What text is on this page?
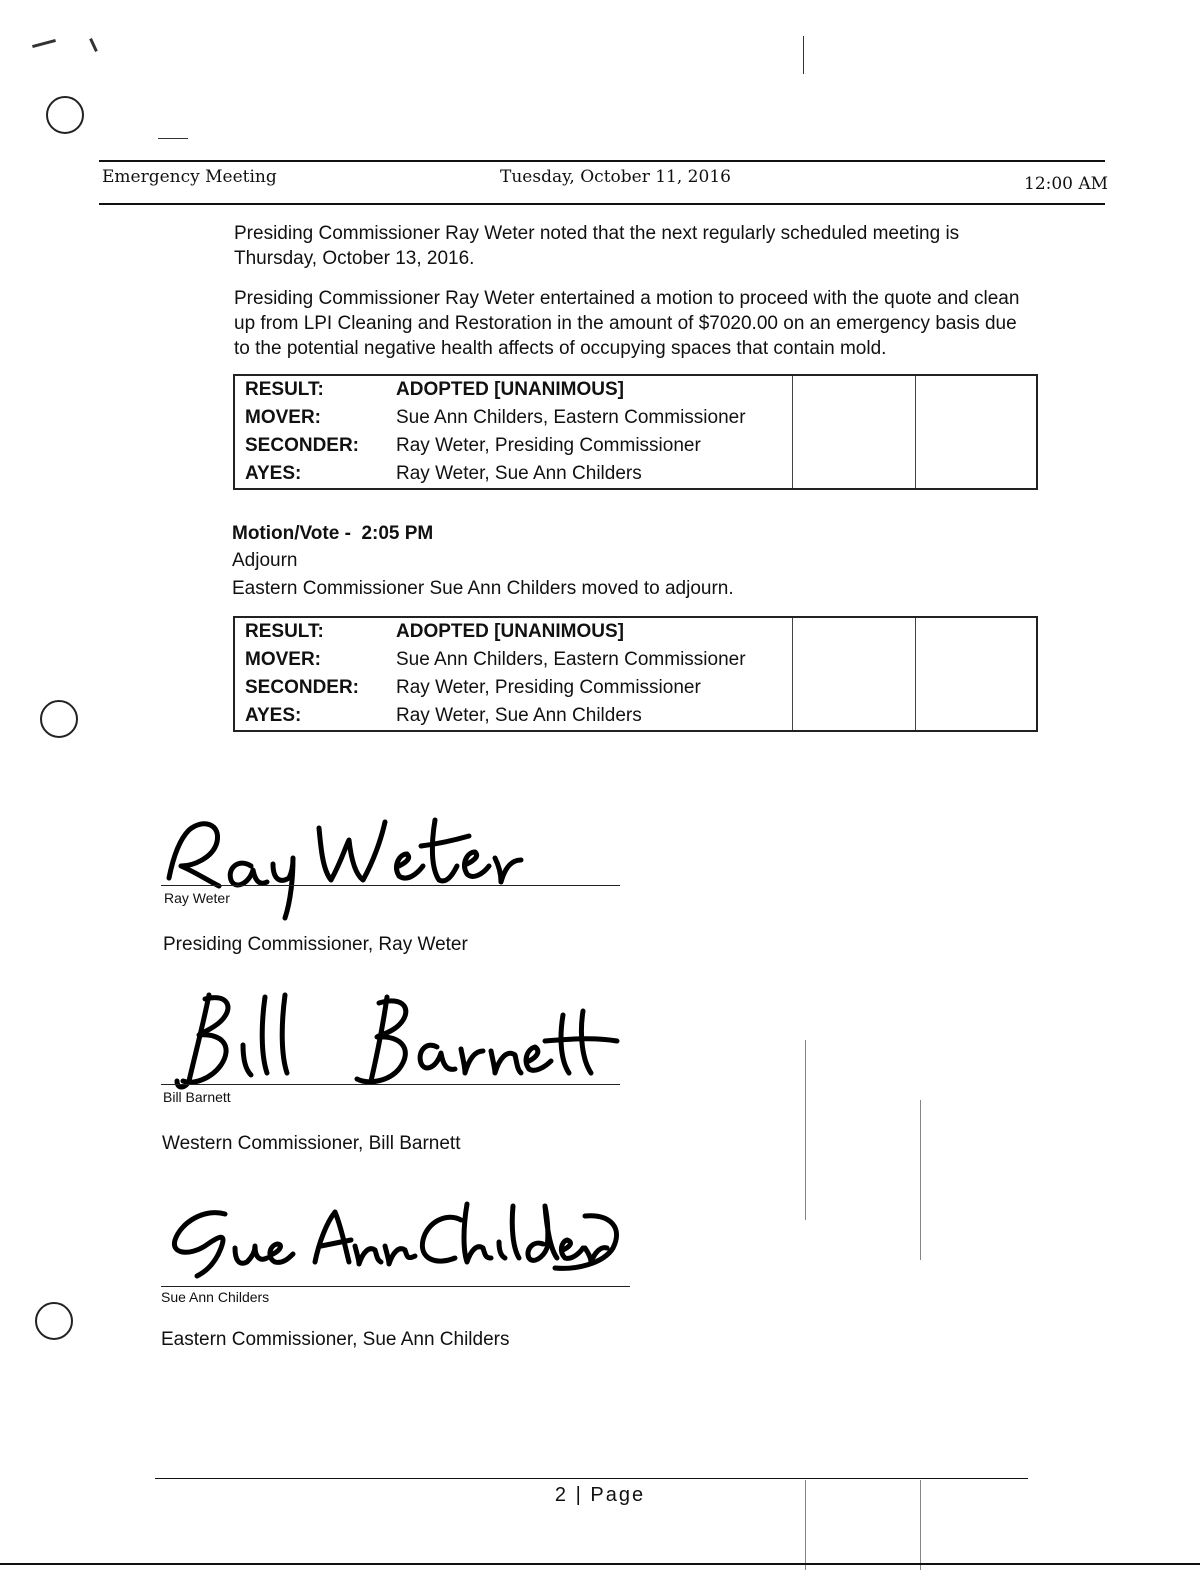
Emergency Meeting	Tuesday, October 11, 2016	12:00 AM
Presiding Commissioner Ray Weter noted that the next regularly scheduled meeting is Thursday, October 13, 2016.
Presiding Commissioner Ray Weter entertained a motion to proceed with the quote and clean up from LPI Cleaning and Restoration in the amount of $7020.00 on an emergency basis due to the potential negative health affects of occupying spaces that contain mold.
RESULT:	ADOPTED [UNANIMOUS]		
MOVER:	Sue Ann Childers, Eastern Commissioner		
SECONDER:	Ray Weter, Presiding Commissioner		
AYES:	Ray Weter, Sue Ann Childers		
Motion/Vote -  2:05 PM
Adjourn
Eastern Commissioner Sue Ann Childers moved to adjourn.
RESULT:	ADOPTED [UNANIMOUS]		
MOVER:	Sue Ann Childers, Eastern Commissioner		
SECONDER:	Ray Weter, Presiding Commissioner		
AYES:	Ray Weter, Sue Ann Childers		
Ray Weter
Presiding Commissioner, Ray Weter
Bill Barnett
Western Commissioner, Bill Barnett
Sue Ann Childers
Eastern Commissioner, Sue Ann Childers
2 | Page
